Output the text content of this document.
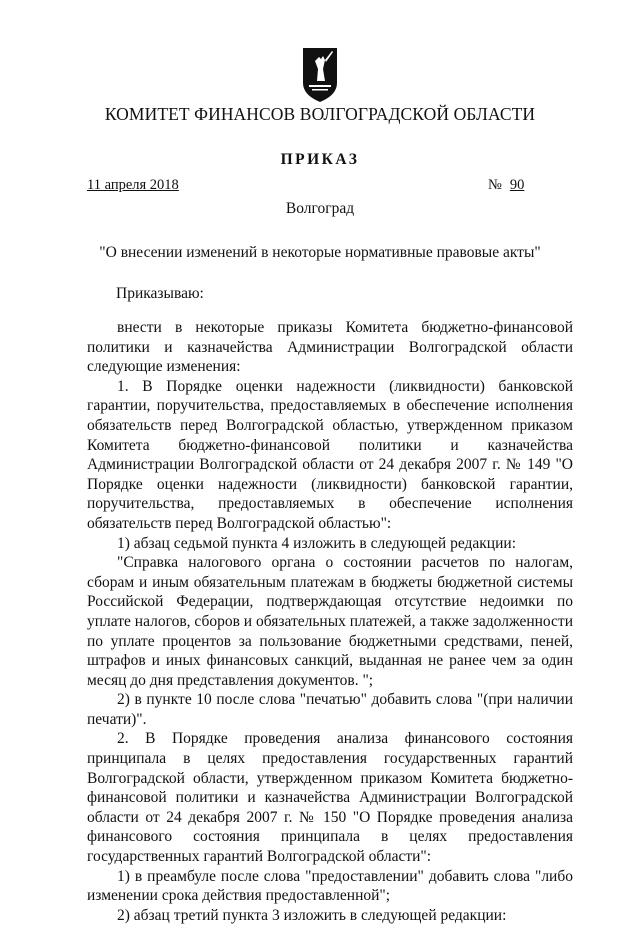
КОМИТЕТ ФИНАНСОВ ВОЛГОГРАДСКОЙ ОБЛАСТИ
ПРИКАЗ
11 апреля 2018	№ 90
Волгоград
"О внесении изменений в некоторые нормативные правовые акты"
Приказываю:

внести в некоторые приказы Комитета бюджетно-финансовой политики и казначейства Администрации Волгоградской области следующие изменения:

1. В Порядке оценки надежности (ликвидности) банковской гарантии, поручительства, предоставляемых в обеспечение исполнения обязательств перед Волгоградской областью, утвержденном приказом Комитета бюджетно-финансовой политики и казначейства Администрации Волгоградской области от 24 декабря 2007 г. № 149 "О Порядке оценки надежности (ликвидности) банковской гарантии, поручительства, предоставляемых в обеспечение исполнения обязательств перед Волгоградской областью":

1) абзац седьмой пункта 4 изложить в следующей редакции:

"Справка налогового органа о состоянии расчетов по налогам, сборам и иным обязательным платежам в бюджеты бюджетной системы Российской Федерации, подтверждающая отсутствие недоимки по уплате налогов, сборов и обязательных платежей, а также задолженности по уплате процентов за пользование бюджетными средствами, пеней, штрафов и иных финансовых санкций, выданная не ранее чем за один месяц до дня представления документов. ";

2) в пункте 10 после слова "печатью" добавить слова "(при наличии печати)".

2. В Порядке проведения анализа финансового состояния принципала в целях предоставления государственных гарантий Волгоградской области, утвержденном приказом Комитета бюджетно-финансовой политики и казначейства Администрации Волгоградской области от 24 декабря 2007 г. № 150 "О Порядке проведения анализа финансового состояния принципала в целях предоставления государственных гарантий Волгоградской области":

1) в преамбуле после слова "предоставлении" добавить слова "либо изменении срока действия предоставленной";

2) абзац третий пункта 3 изложить в следующей редакции:
